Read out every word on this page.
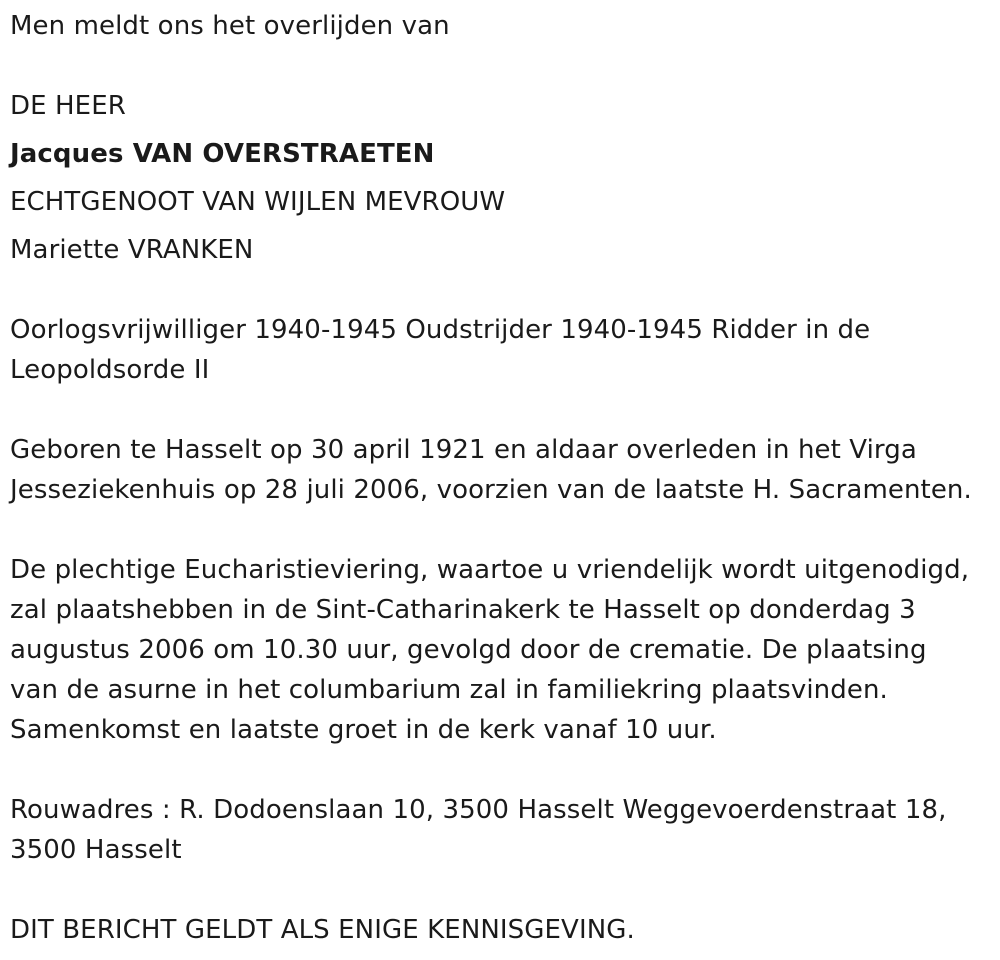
Men meldt ons het overlijden van
DE HEER
Jacques VAN OVERSTRAETEN
ECHTGENOOT VAN WIJLEN MEVROUW
Mariette VRANKEN
Oorlogsvrijwilliger 1940-1945 Oudstrijder 1940-1945 Ridder in de
Leopoldsorde II
Geboren te Hasselt op 30 april 1921 en aldaar overleden in het Virga
Jesseziekenhuis op 28 juli 2006, voorzien van de laatste H. Sacramenten.
De plechtige Eucharistieviering, waartoe u vriendelijk wordt uitgenodigd,
zal plaatshebben in de Sint-Catharinakerk te Hasselt op donderdag 3
augustus 2006 om 10.30 uur, gevolgd door de crematie. De plaatsing
van de asurne in het columbarium zal in familiekring plaatsvinden.
Samenkomst en laatste groet in de kerk vanaf 10 uur.
Rouwadres : R. Dodoenslaan 10, 3500 Hasselt Weggevoerdenstraat 18,
3500 Hasselt
DIT BERICHT GELDT ALS ENIGE KENNISGEVING.
